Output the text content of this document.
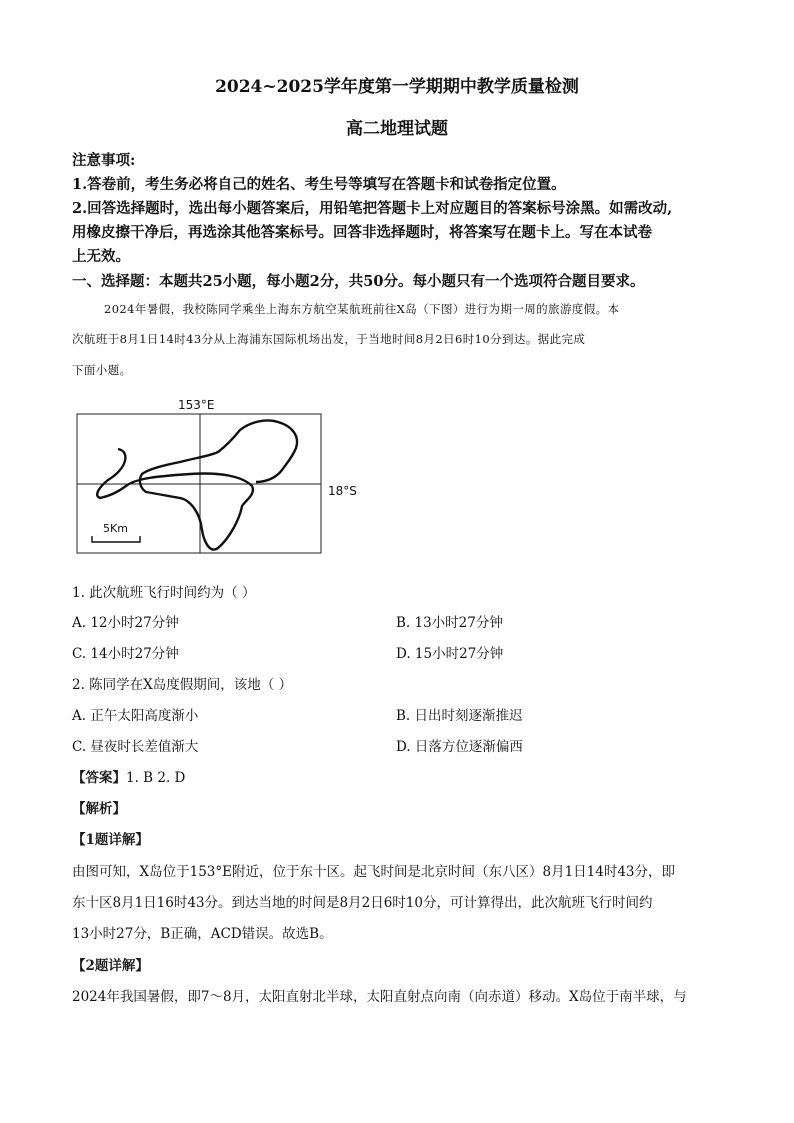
2024~2025学年度第一学期期中教学质量检测
高二地理试题
注意事项:
1.答卷前，考生务必将自己的姓名、考生号等填写在答题卡和试卷指定位置。
2.回答选择题时，选出每小题答案后，用铅笔把答题卡上对应题目的答案标号涂黑。如需改动,
用橡皮擦干净后，再选涂其他答案标号。回答非选择题时，将答案写在题卡上。写在本试卷
上无效。
一、选择题：本题共25小题，每小题2分，共50分。每小题只有一个选项符合题目要求。
2024年暑假，我校陈同学乘坐上海东方航空某航班前往X岛（下图）进行为期一周的旅游度假。本
次航班于8月1日14时43分从上海浦东国际机场出发，于当地时间8月2日6时10分到达。据此完成
下面小题。
153°E
18°S
5Km
1. 此次航班飞行时间约为（ ）
A. 12小时27分钟	B. 13小时27分钟
C. 14小时27分钟	D. 15小时27分钟
2. 陈同学在X岛度假期间，该地（ ）
A. 正午太阳高度渐小	B. 日出时刻逐渐推迟
C. 昼夜时长差值渐大	D. 日落方位逐渐偏西
【答案】1. B 2. D
【解析】
【1题详解】
由图可知，X岛位于153°E附近，位于东十区。起飞时间是北京时间（东八区）8月1日14时43分，即
东十区8月1日16时43分。到达当地的时间是8月2日6时10分，可计算得出，此次航班飞行时间约
13小时27分，B正确，ACD错误。故选B。
【2题详解】
2024年我国暑假，即7～8月，太阳直射北半球，太阳直射点向南（向赤道）移动。X岛位于南半球，与
